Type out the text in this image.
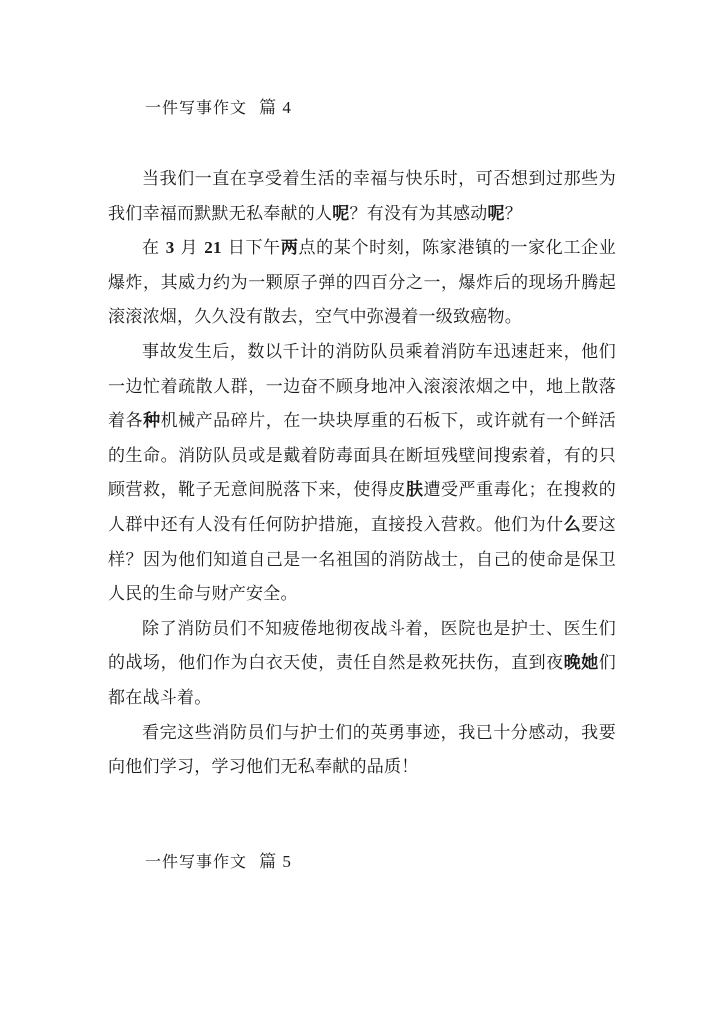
一件写事作文 篇 4

当我们一直在享受着生活的幸福与快乐时，可否想到过那些为我们幸福而默默无私奉献的人呢？有没有为其感动呢？

在 3 月 21 日下午两点的某个时刻，陈家港镇的一家化工企业爆炸，其威力约为一颗原子弹的四百分之一，爆炸后的现场升腾起滚滚浓烟，久久没有散去，空气中弥漫着一级致癌物。

事故发生后，数以千计的消防队员乘着消防车迅速赶来，他们一边忙着疏散人群，一边奋不顾身地冲入滚滚浓烟之中，地上散落着各种机械产品碎片，在一块块厚重的石板下，或许就有一个鲜活的生命。消防队员或是戴着防毒面具在断垣残壁间搜索着，有的只顾营救，靴子无意间脱落下来，使得皮肤遭受严重毒化；在搜救的人群中还有人没有任何防护措施，直接投入营救。他们为什么要这样？因为他们知道自己是一名祖国的消防战士，自己的使命是保卫人民的生命与财产安全。

除了消防员们不知疲倦地彻夜战斗着，医院也是护士、医生们的战场，他们作为白衣天使，责任自然是救死扶伤，直到夜晚她们都在战斗着。

看完这些消防员们与护士们的英勇事迹，我已十分感动，我要向他们学习，学习他们无私奉献的品质！

一件写事作文 篇 5
